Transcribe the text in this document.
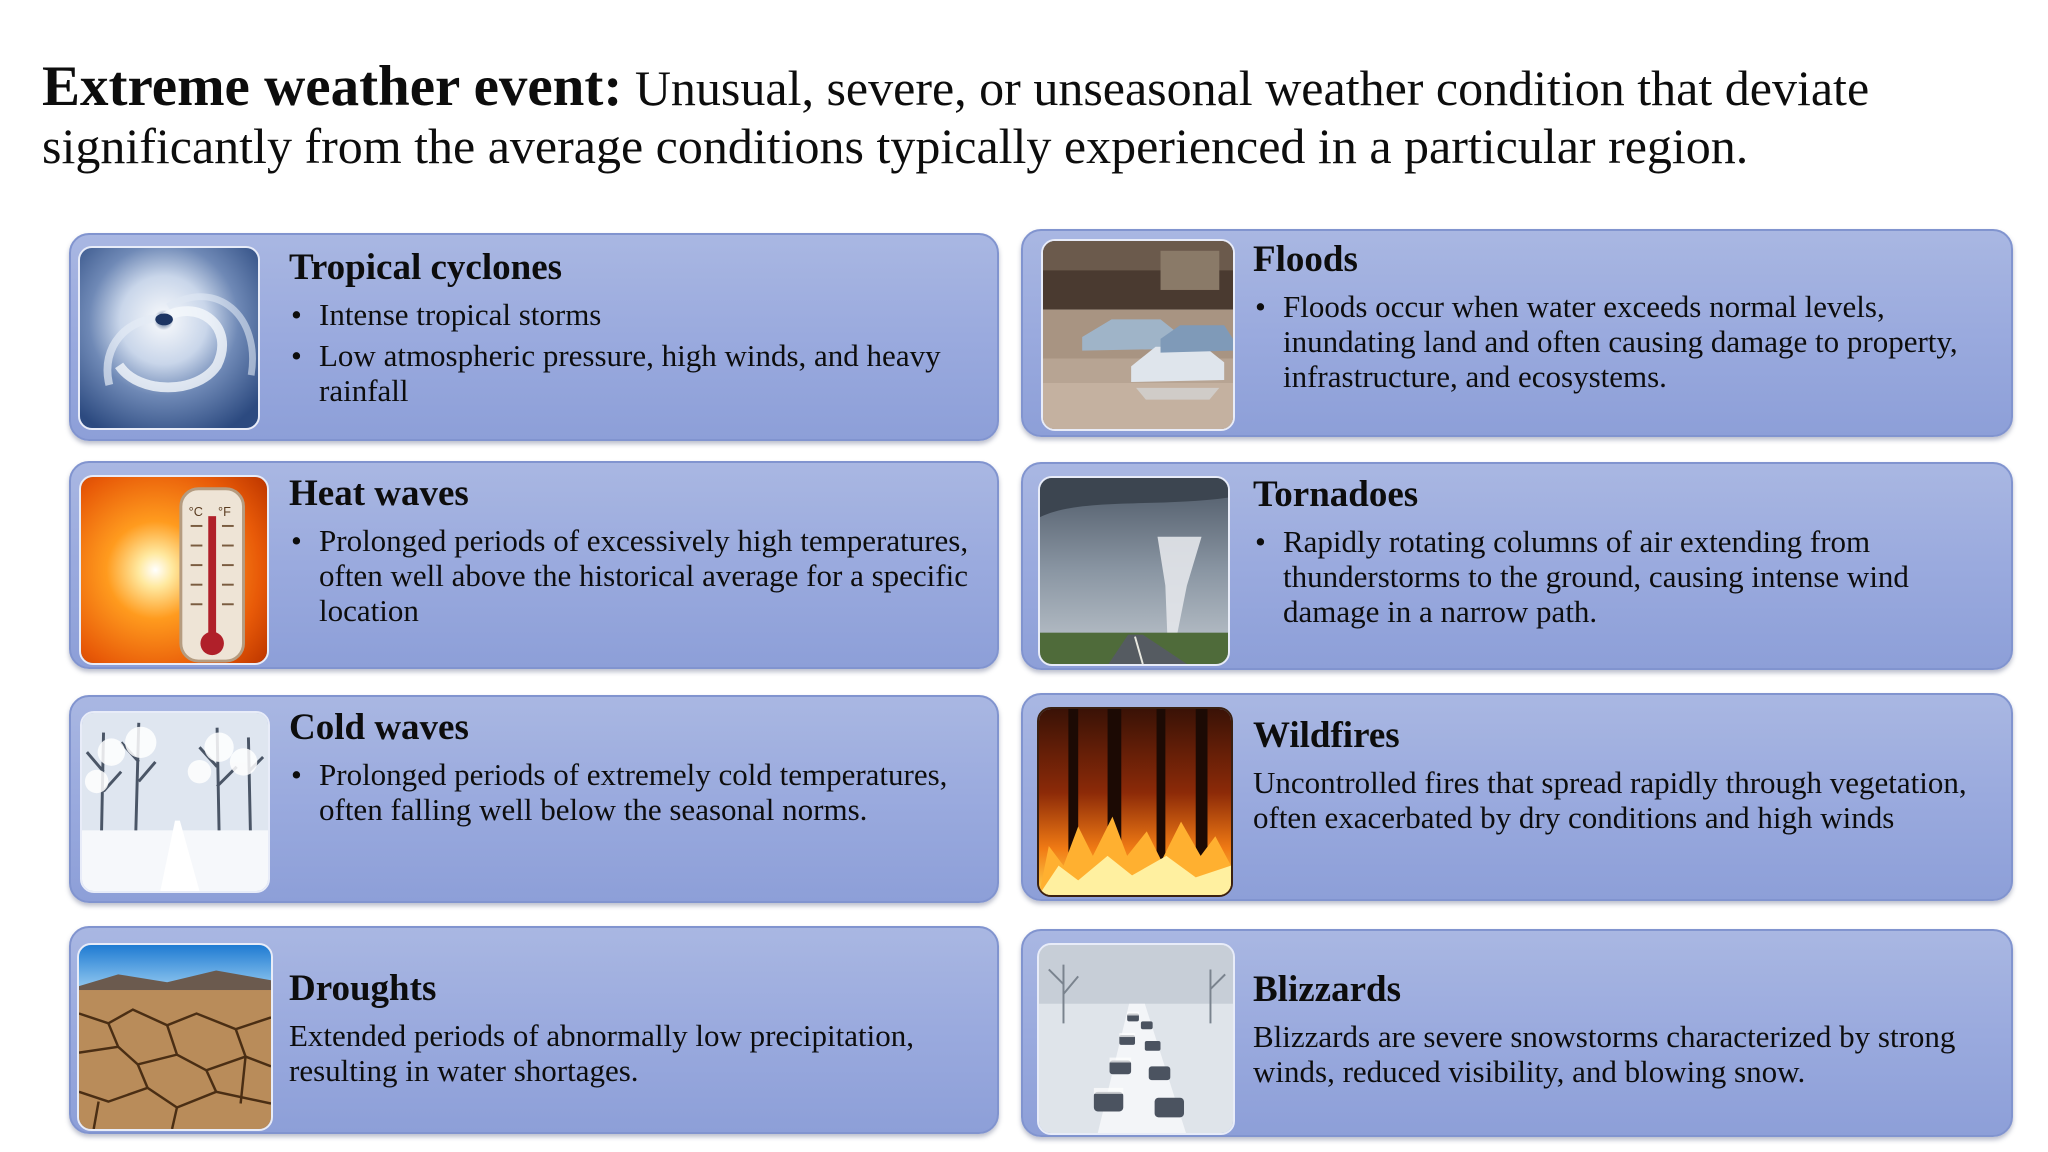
Extreme weather event: Unusual, severe, or unseasonal weather condition that deviate significantly from the average conditions typically experienced in a particular region.
Tropical cyclones
• Intense tropical storms
• Low atmospheric pressure, high winds, and heavy rainfall
Floods
• Floods occur when water exceeds normal levels, inundating land and often causing damage to property, infrastructure, and ecosystems.
°C °F Heat waves
• Prolonged periods of excessively high temperatures, often well above the historical average for a specific location
Tornadoes
• Rapidly rotating columns of air extending from thunderstorms to the ground, causing intense wind damage in a narrow path.
Cold waves
• Prolonged periods of extremely cold temperatures, often falling well below the seasonal norms.
Wildfires

Uncontrolled fires that spread rapidly through vegetation, often exacerbated by dry conditions and high winds

Droughts

Extended periods of abnormally low precipitation, resulting in water shortages.

Blizzards

Blizzards are severe snowstorms characterized by strong winds, reduced visibility, and blowing snow.
